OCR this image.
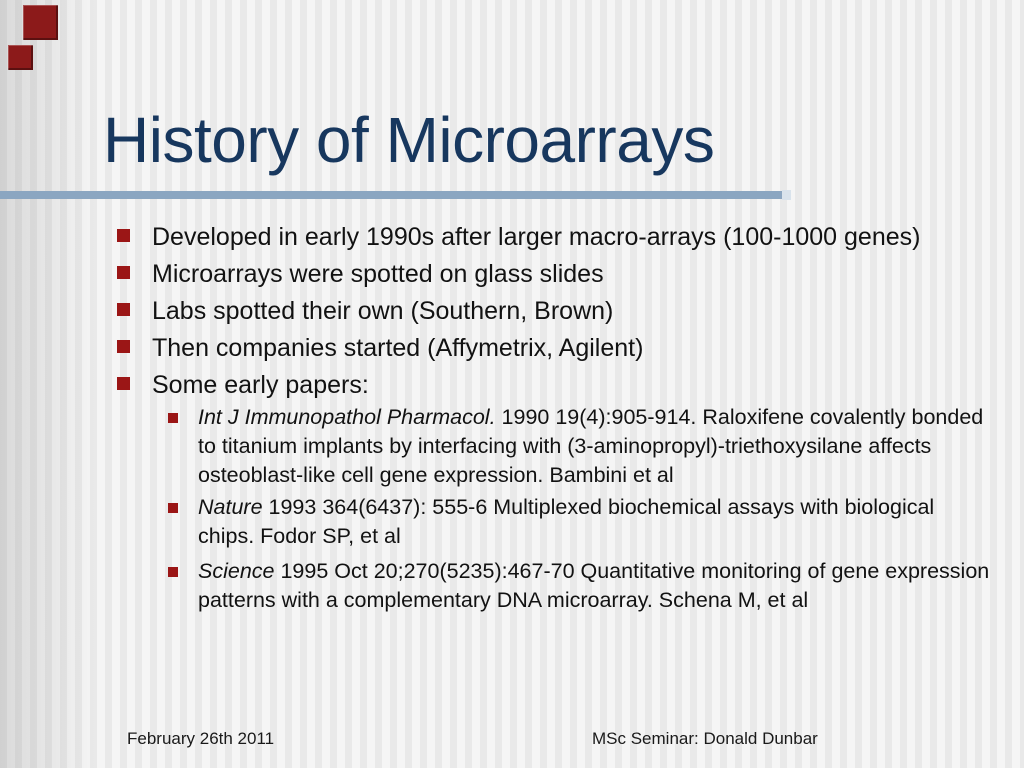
History of Microarrays
Developed in early 1990s after larger macro-arrays (100-1000 genes)
Microarrays were spotted on glass slides
Labs spotted their own (Southern, Brown)
Then companies started (Affymetrix, Agilent)
Some early papers:
Int J Immunopathol Pharmacol. 1990 19(4):905-914. Raloxifene covalently bonded to titanium implants by interfacing with (3-aminopropyl)-triethoxysilane affects osteoblast-like cell gene expression. Bambini et al
Nature 1993 364(6437): 555-6 Multiplexed biochemical assays with biological chips. Fodor SP, et al
Science 1995 Oct 20;270(5235):467-70 Quantitative monitoring of gene expression patterns with a complementary DNA microarray. Schena M, et al
February 26th 2011	MSc Seminar: Donald Dunbar
